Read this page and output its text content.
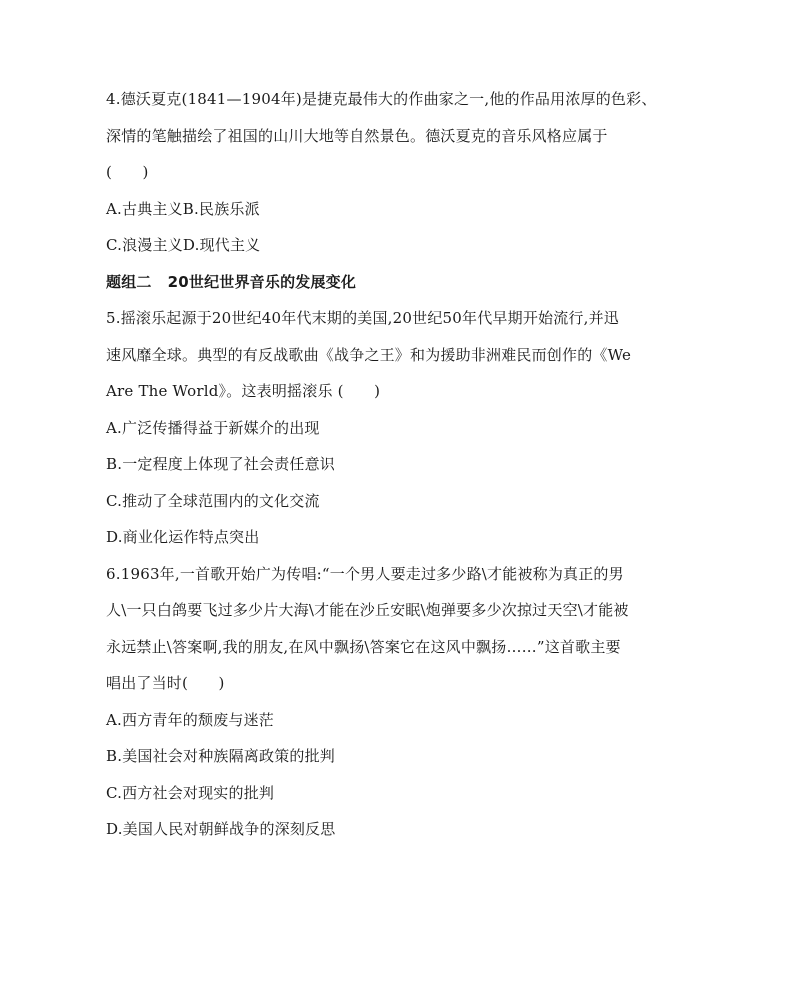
4.德沃夏克(1841—1904年)是捷克最伟大的作曲家之一,他的作品用浓厚的色彩、
深情的笔触描绘了祖国的山川大地等自然景色。德沃夏克的音乐风格应属于
(　　)
A.古典主义B.民族乐派
C.浪漫主义D.现代主义
题组二 20世纪世界音乐的发展变化
5.摇滚乐起源于20世纪40年代末期的美国,20世纪50年代早期开始流行,并迅
速风靡全球。典型的有反战歌曲《战争之王》和为援助非洲难民而创作的《We
Are The World》。这表明摇滚乐 (　　)
A.广泛传播得益于新媒介的出现
B.一定程度上体现了社会责任意识
C.推动了全球范围内的文化交流
D.商业化运作特点突出
6.1963年,一首歌开始广为传唱:“一个男人要走过多少路\才能被称为真正的男
人\一只白鸽要飞过多少片大海\才能在沙丘安眠\炮弹要多少次掠过天空\才能被
永远禁止\答案啊,我的朋友,在风中飘扬\答案它在这风中飘扬……”这首歌主要
唱出了当时(　　)
A.西方青年的颓废与迷茫
B.美国社会对种族隔离政策的批判
C.西方社会对现实的批判
D.美国人民对朝鲜战争的深刻反思
